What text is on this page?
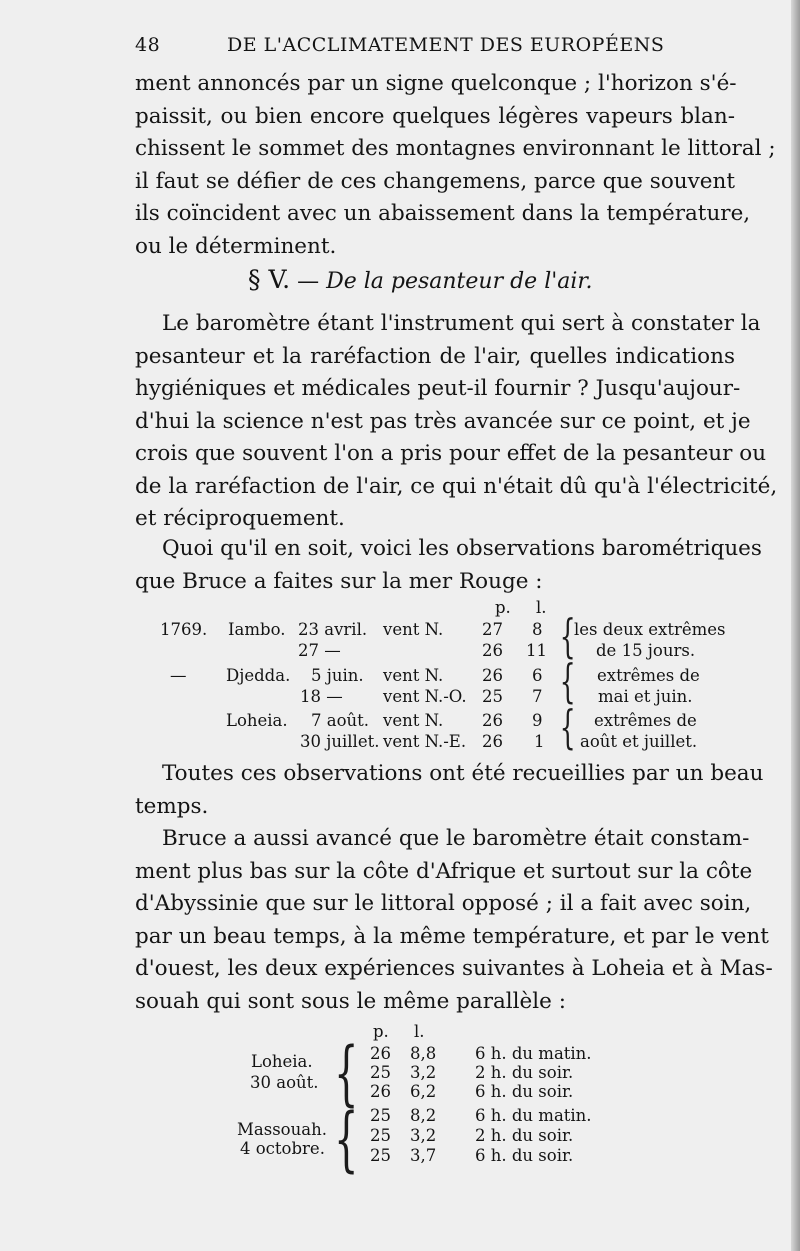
48	DE L'ACCLIMATEMENT DES EUROPÉENS
ment annoncés par un signe quelconque ; l'horizon s'é-
paissit, ou bien encore quelques légères vapeurs blan-
chissent le sommet des montagnes environnant le littoral ;
il faut se défier de ces changemens, parce que souvent
ils coïncident avec un abaissement dans la température,
ou le déterminent.
§ V. — De la pesanteur de l'air.
Le baromètre étant l'instrument qui sert à constater la
pesanteur et la raréfaction de l'air, quelles indications
hygiéniques et médicales peut-il fournir ? Jusqu'aujour-
d'hui la science n'est pas très avancée sur ce point, et je
crois que souvent l'on a pris pour effet de la pesanteur ou
de la raréfaction de l'air, ce qui n'était dû qu'à l'électricité,
et réciproquement.
Quoi qu'il en soit, voici les observations barométriques
que Bruce a faites sur la mer Rouge :
p. l.
1769. Iambo. 23 avril. vent N. 27 8
27 —	26 11
— Djedda. 5 juin. vent N. 26 6
18 — vent N.-O. 25 7
Loheia. 7 août. vent N. 26 9
30 juillet. vent N.-E. 26 1
{
{
{
les deux extrêmes
de 15 jours.
extrêmes de
mai et juin.
extrêmes de
août et juillet.
Toutes ces observations ont été recueillies par un beau
temps.
Bruce a aussi avancé que le baromètre était constam-
ment plus bas sur la côte d'Afrique et surtout sur la côte
d'Abyssinie que sur le littoral opposé ; il a fait avec soin,
par un beau temps, à la même température, et par le vent
d'ouest, les deux expériences suivantes à Loheia et à Mas-
souah qui sont sous le même parallèle :
p. l.
Loheia.
30 août. { 26 8,8 6 h. du matin.
25 3,2 2 h. du soir.
26 6,2 6 h. du soir.
Massouah.
4 octobre. { 25 8,2 6 h. du matin.
25 3,2 2 h. du soir.
25 3,7 6 h. du soir.
